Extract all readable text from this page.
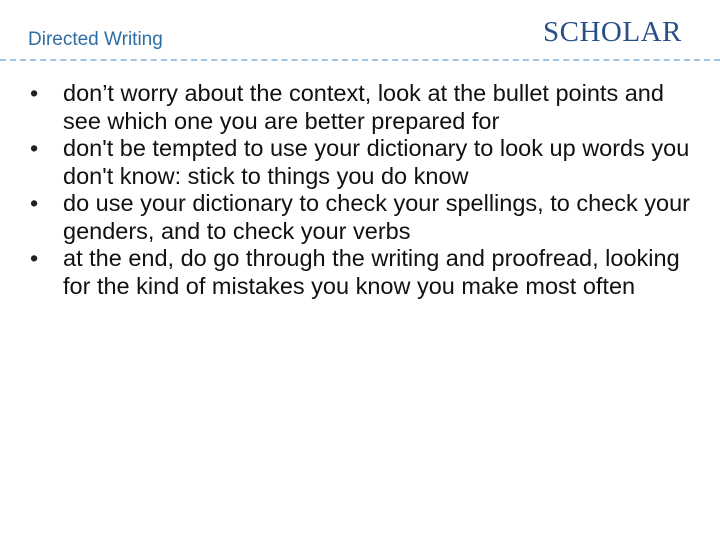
Directed Writing	SCHOLAR
• don’t worry about the context, look at the bullet points and see which one you are better prepared for
• don't be tempted to use your dictionary to look up words you don't know: stick to things you do know
• do use your dictionary to check your spellings, to check your genders, and to check your verbs
• at the end, do go through the writing and proofread, looking for the kind of mistakes you know you make most often
